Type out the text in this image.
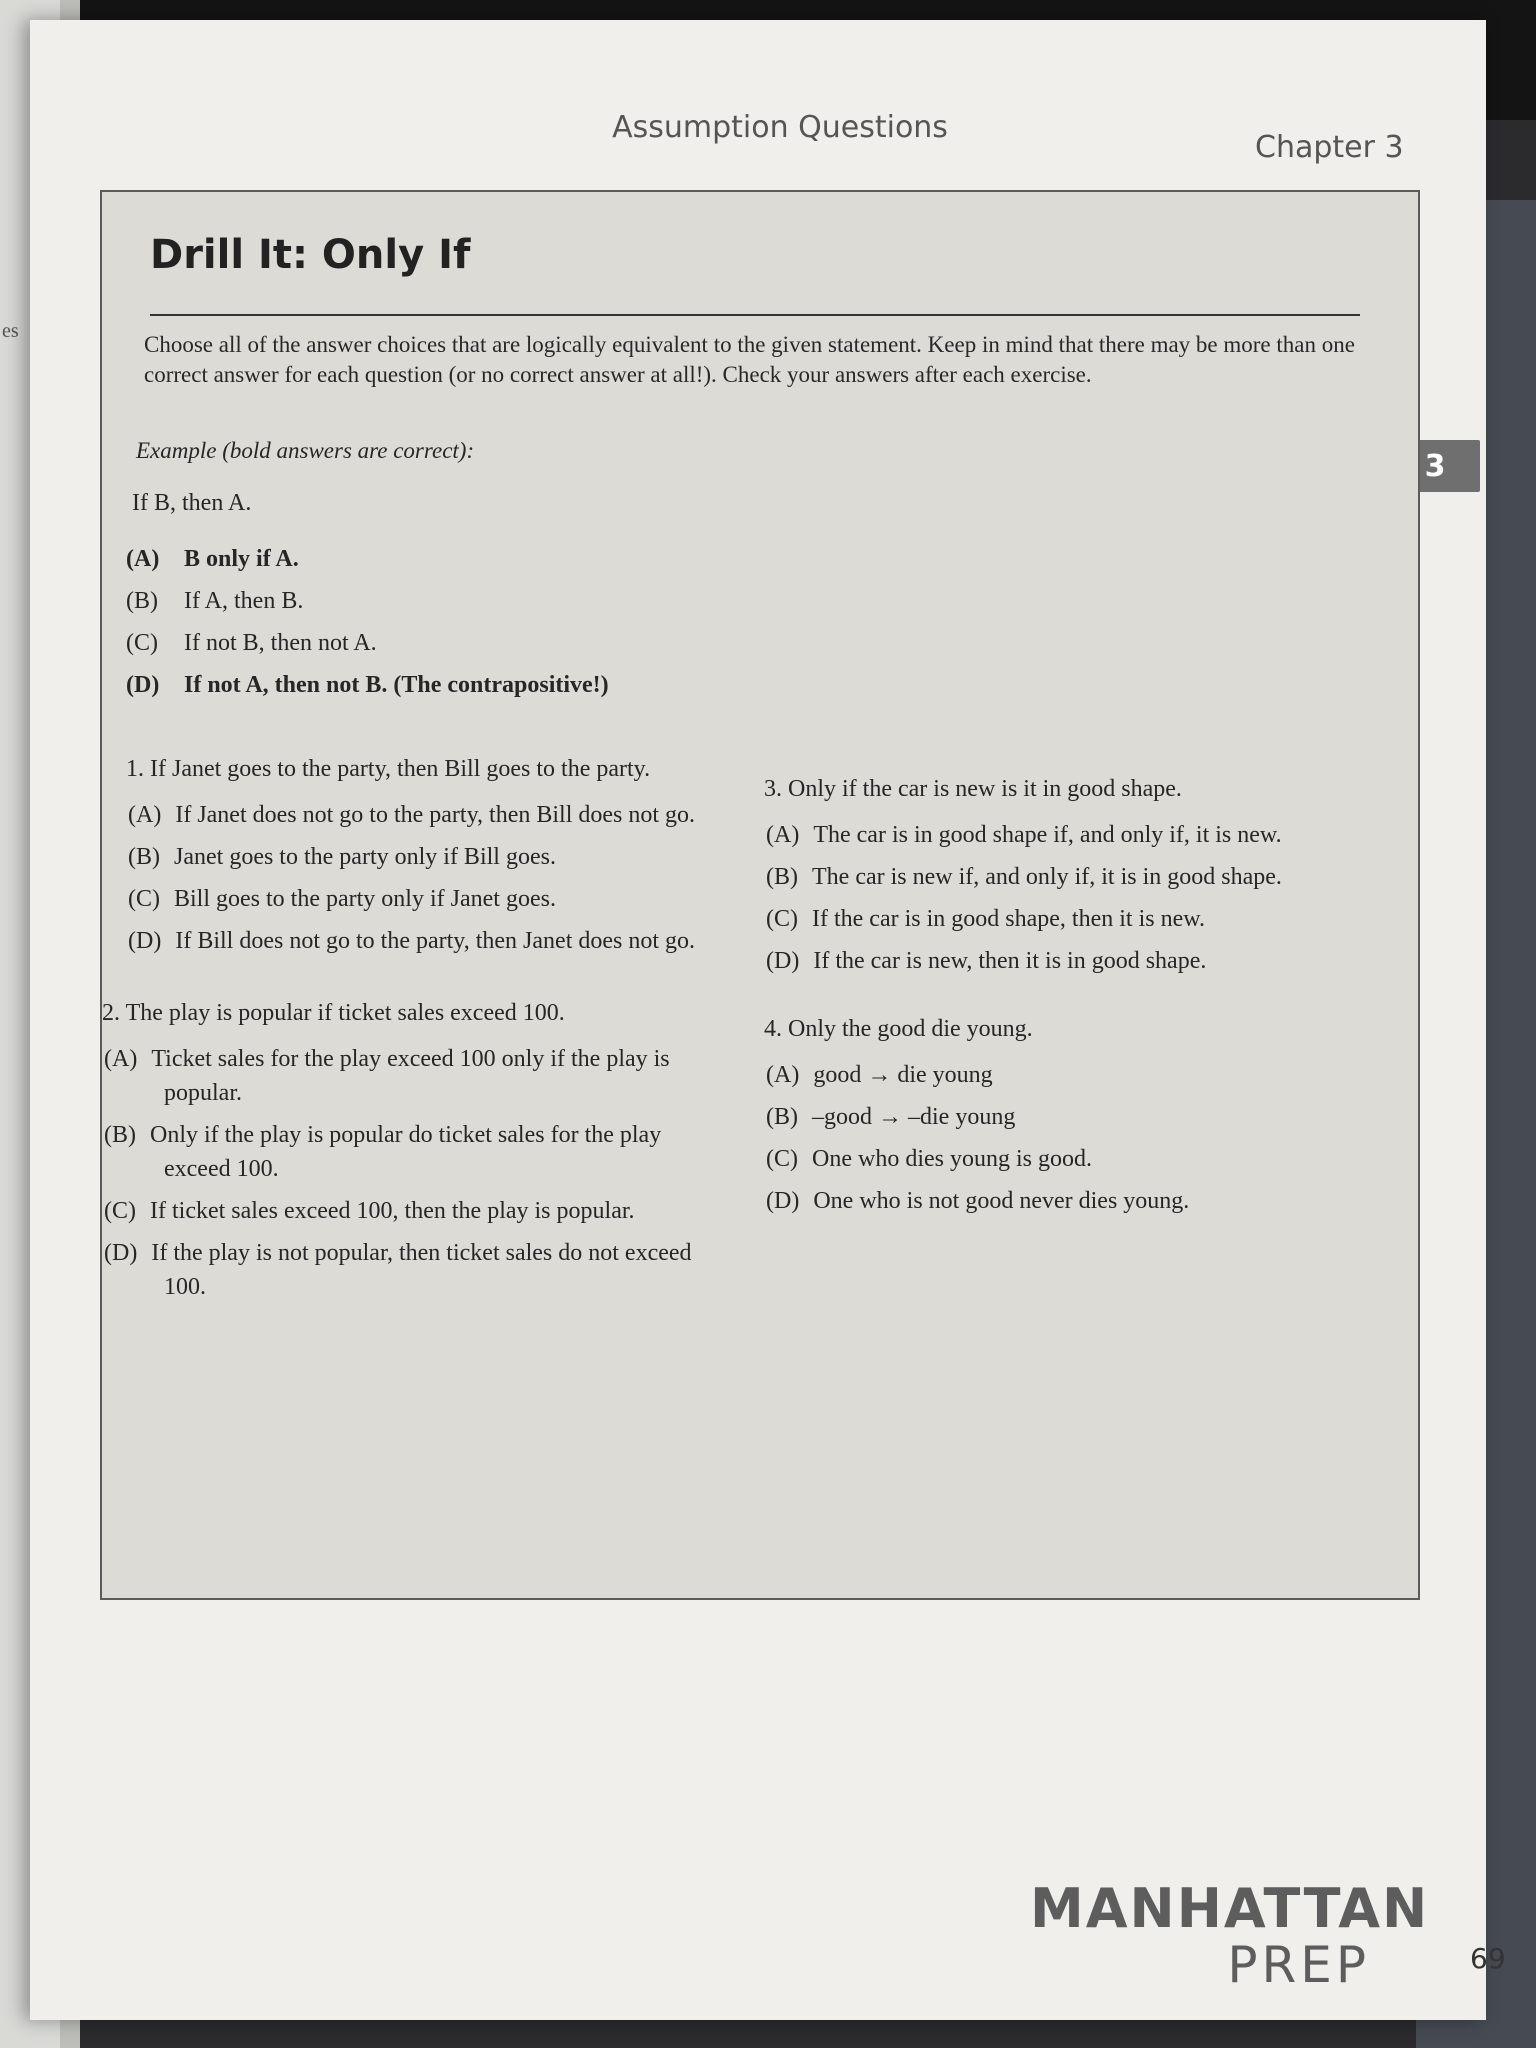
es
Assumption Questions
Chapter 3
3
Drill It: Only If
Choose all of the answer choices that are logically equivalent to the given statement. Keep in mind that there may be more than one correct answer for each question (or no correct answer at all!). Check your answers after each exercise.
Example (bold answers are correct):
If B, then A.
(A) B only if A.
(B) If A, then B.
(C) If not B, then not A.
(D) If not A, then not B. (The contrapositive!)
1. If Janet goes to the party, then Bill goes to the party.
(A) If Janet does not go to the party, then Bill does not go.
(B) Janet goes to the party only if Bill goes.
(C) Bill goes to the party only if Janet goes.
(D) If Bill does not go to the party, then Janet does not go.
2. The play is popular if ticket sales exceed 100.
(A) Ticket sales for the play exceed 100 only if the play is popular.
(B) Only if the play is popular do ticket sales for the play exceed 100.
(C) If ticket sales exceed 100, then the play is popular.
(D) If the play is not popular, then ticket sales do not exceed 100.
3. Only if the car is new is it in good shape.
(A) The car is in good shape if, and only if, it is new.
(B) The car is new if, and only if, it is in good shape.
(C) If the car is in good shape, then it is new.
(D) If the car is new, then it is in good shape.
4. Only the good die young.
(A) good → die young
(B) –good → –die young
(C) One who dies young is good.
(D) One who is not good never dies young.
MANHATTAN
PREP	69
